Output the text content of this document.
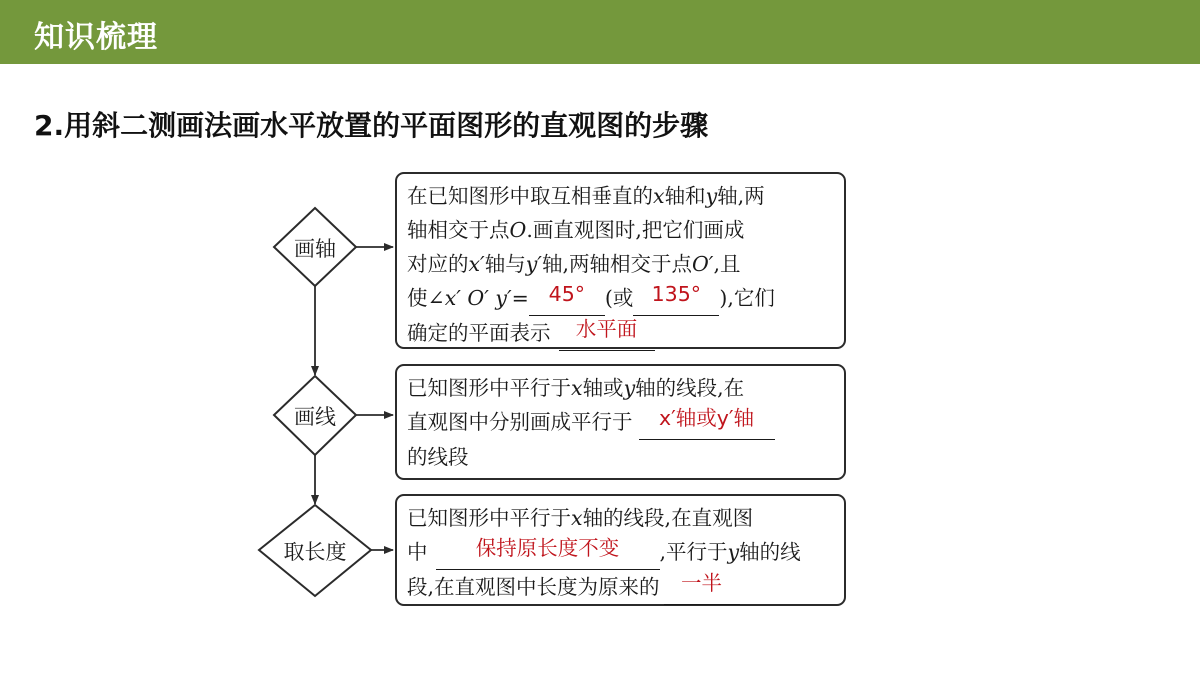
知识梳理
2.用斜二测画法画水平放置的平面图形的直观图的步骤
画轴
画线
取长度
在已知图形中取互相垂直的x轴和y轴,两
轴相交于点O.画直观图时,把它们画成
对应的x′轴与y′轴,两轴相交于点O′,且
使∠x′ O′ y′= 45° (或 135° ),它们
确定的平面表示 水平面
已知图形中平行于x轴或y轴的线段,在
直观图中分别画成平行于 x′轴或y′轴
的线段
已知图形中平行于x轴的线段,在直观图
中 保持原长度不变 ,平行于y轴的线
段,在直观图中长度为原来的 一半
